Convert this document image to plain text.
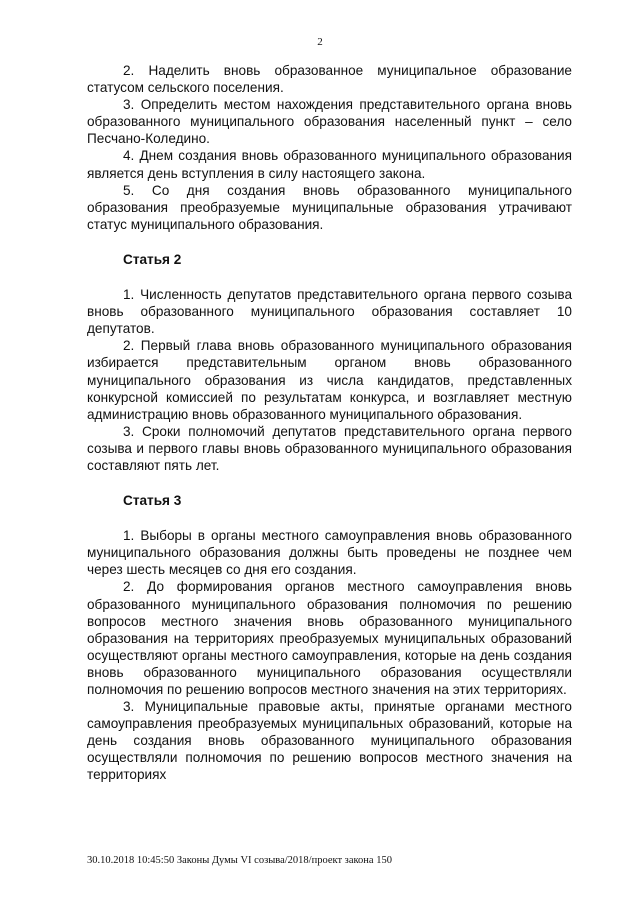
2

2. Наделить вновь образованное муниципальное образование статусом сельского поселения.

3. Определить местом нахождения представительного органа вновь образованного муниципального образования населенный пункт – село Песчано-Коледино.

4. Днем создания вновь образованного муниципального образования является день вступления в силу настоящего закона.

5. Со дня создания вновь образованного муниципального образования преобразуемые муниципальные образования утрачивают статус муниципального образования.

Статья 2

1. Численность депутатов представительного органа первого созыва вновь образованного муниципального образования составляет 10 депутатов.

2. Первый глава вновь образованного муниципального образования избирается представительным органом вновь образованного муниципального образования из числа кандидатов, представленных конкурсной комиссией по результатам конкурса, и возглавляет местную администрацию вновь образованного муниципального образования.

3. Сроки полномочий депутатов представительного органа первого созыва и первого главы вновь образованного муниципального образования составляют пять лет.

Статья 3

1. Выборы в органы местного самоуправления вновь образованного муниципального образования должны быть проведены не позднее чем через шесть месяцев со дня его создания.

2. До формирования органов местного самоуправления вновь образованного муниципального образования полномочия по решению вопросов местного значения вновь образованного муниципального образования на территориях преобразуемых муниципальных образований осуществляют органы местного самоуправления, которые на день создания вновь образованного муниципального образования осуществляли полномочия по решению вопросов местного значения на этих территориях.

3. Муниципальные правовые акты, принятые органами местного самоуправления преобразуемых муниципальных образований, которые на день создания вновь образованного муниципального образования осуществляли полномочия по решению вопросов местного значения на территориях

30.10.2018 10:45:50 Законы Думы VI созыва/2018/проект закона 150
